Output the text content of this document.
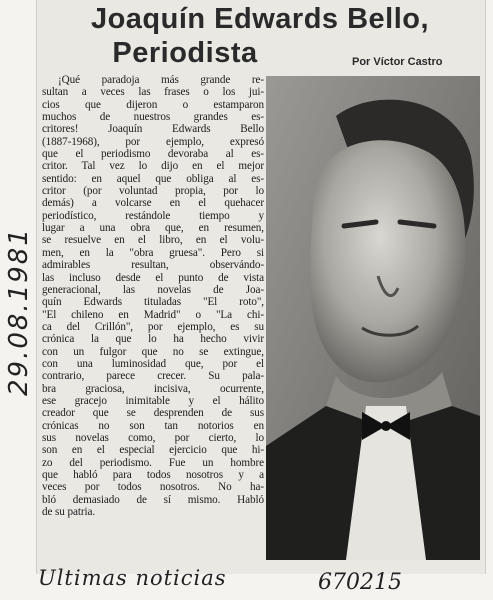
Joaquín Edwards Bello,
Periodista	Por Víctor Castro
¡Qué paradoja más grande re-
sultan a veces las frases o los jui-
cios que dijeron o estamparon
muchos de nuestros grandes es-
critores! Joaquín Edwards Bello
(1887-1968), por ejemplo, expresó
que el periodismo devoraba al es-
critor. Tal vez lo dijo en el mejor
sentido: en aquel que obliga al es-
critor (por voluntad propia, por lo
demás) a volcarse en el quehacer
periodístico, restándole tiempo y
lugar a una obra que, en resumen,
se resuelve en el libro, en el volu-
men, en la "obra gruesa". Pero si
admirables resultan, observándo-
las incluso desde el punto de vista
generacional, las novelas de Joa-
quín Edwards tituladas "El roto",
"El chileno en Madrid" o "La chi-
ca del Crillón", por ejemplo, es su
crónica la que lo ha hecho vivir
con un fulgor que no se extingue,
con una luminosidad que, por el
contrario, parece crecer. Su pala-
bra graciosa, incisiva, ocurrente,
ese gracejo inimitable y el hálito
creador que se desprenden de sus
crónicas no son tan notorios en
sus novelas como, por cierto, lo
son en el especial ejercicio que hi-
zo del periodismo. Fue un hombre
que habló para todos nosotros y a
veces por todos nosotros. No ha-
bló demasiado de sí mismo. Habló
de su patria.
29.08.1981
Ultimas noticias	670215
